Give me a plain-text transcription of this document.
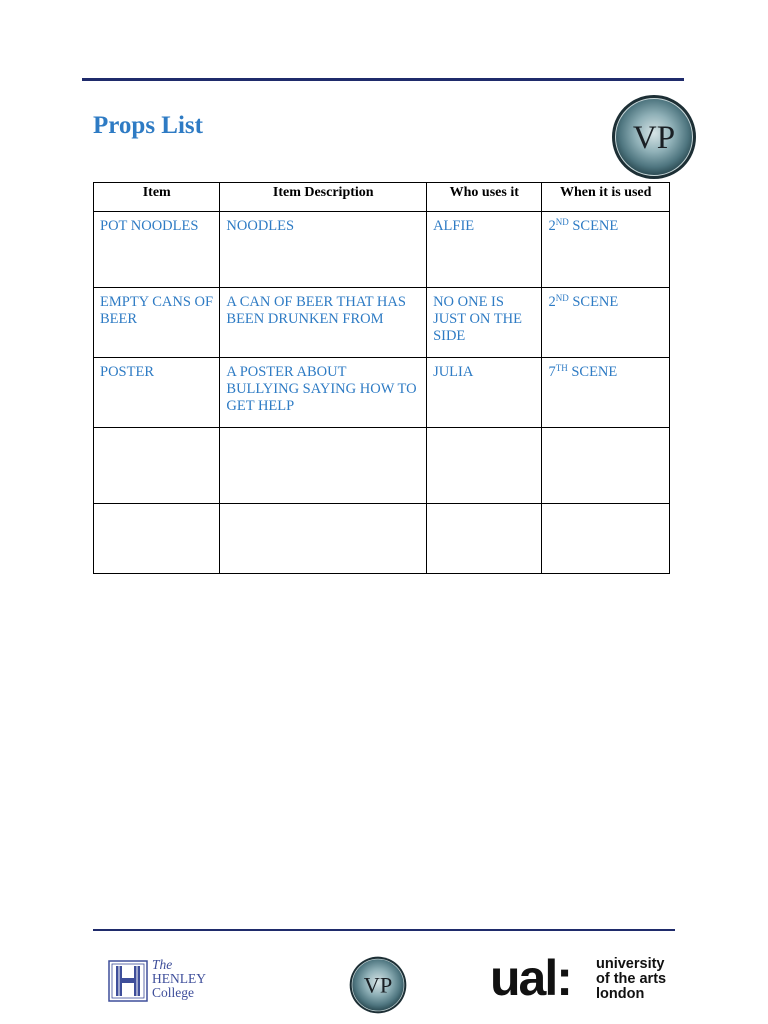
Props List	VP
Item	Item Description	Who uses it	When it is used
POT NOODLES	NOODLES	ALFIE	2ND SCENE
EMPTY CANS OF BEER	A CAN OF BEER THAT HAS BEEN DRUNKEN FROM	NO ONE IS JUST ON THE SIDE	2ND SCENE
POSTER	A POSTER ABOUT BULLYING SAYING HOW TO GET HELP	JULIA	7TH SCENE

The
HENLEY
College	VP ual: university
of the arts
london
